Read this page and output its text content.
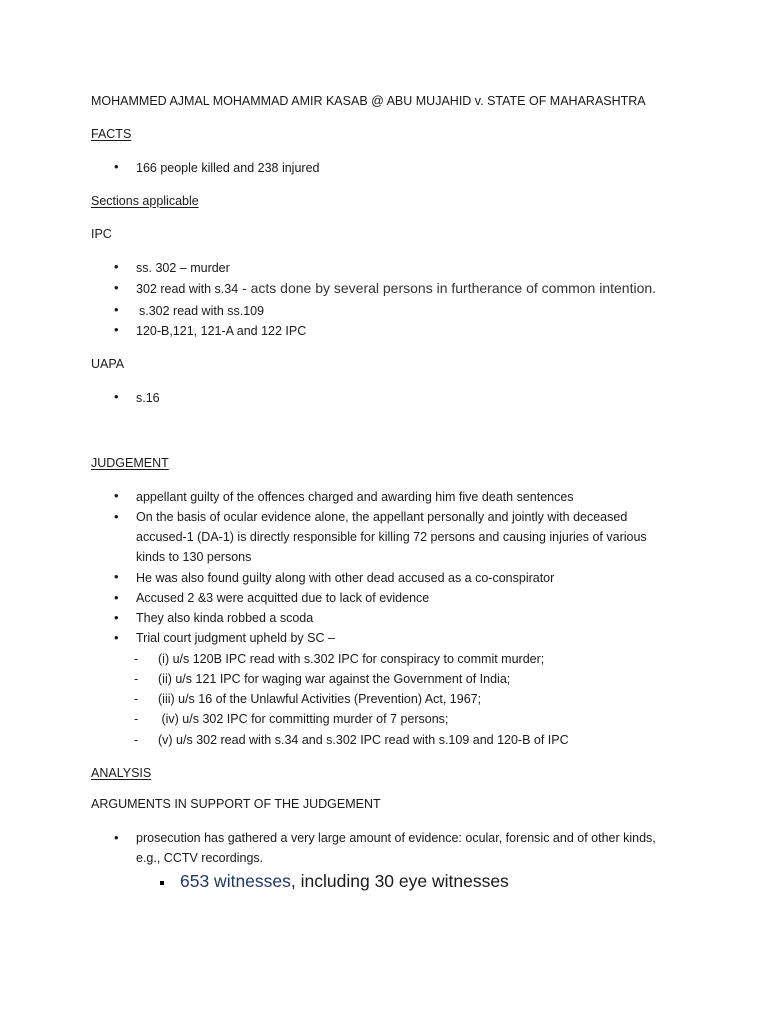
MOHAMMED AJMAL MOHAMMAD AMIR KASAB @ ABU MUJAHID v. STATE OF MAHARASHTRA
FACTS
• 166 people killed and 238 injured
Sections applicable
IPC
• ss. 302 – murder
• 302 read with s.34 - acts done by several persons in furtherance of common intention.
• s.302 read with ss.109
• 120-B,121, 121-A and 122 IPC
UAPA
• s.16
JUDGEMENT
• appellant guilty of the offences charged and awarding him five death sentences
• On the basis of ocular evidence alone, the appellant personally and jointly with deceased
accused-1 (DA-1) is directly responsible for killing 72 persons and causing injuries of various
kinds to 130 persons
• He was also found guilty along with other dead accused as a co-conspirator
• Accused 2 &3 were acquitted due to lack of evidence
• They also kinda robbed a scoda
• Trial court judgment upheld by SC –
- (i) u/s 120B IPC read with s.302 IPC for conspiracy to commit murder;
- (ii) u/s 121 IPC for waging war against the Government of India;
- (iii) u/s 16 of the Unlawful Activities (Prevention) Act, 1967;
- (iv) u/s 302 IPC for committing murder of 7 persons;
- (v) u/s 302 read with s.34 and s.302 IPC read with s.109 and 120-B of IPC
ANALYSIS
ARGUMENTS IN SUPPORT OF THE JUDGEMENT
• prosecution has gathered a very large amount of evidence: ocular, forensic and of other kinds,
e.g., CCTV recordings.
653 witnesses, including 30 eye witnesses
